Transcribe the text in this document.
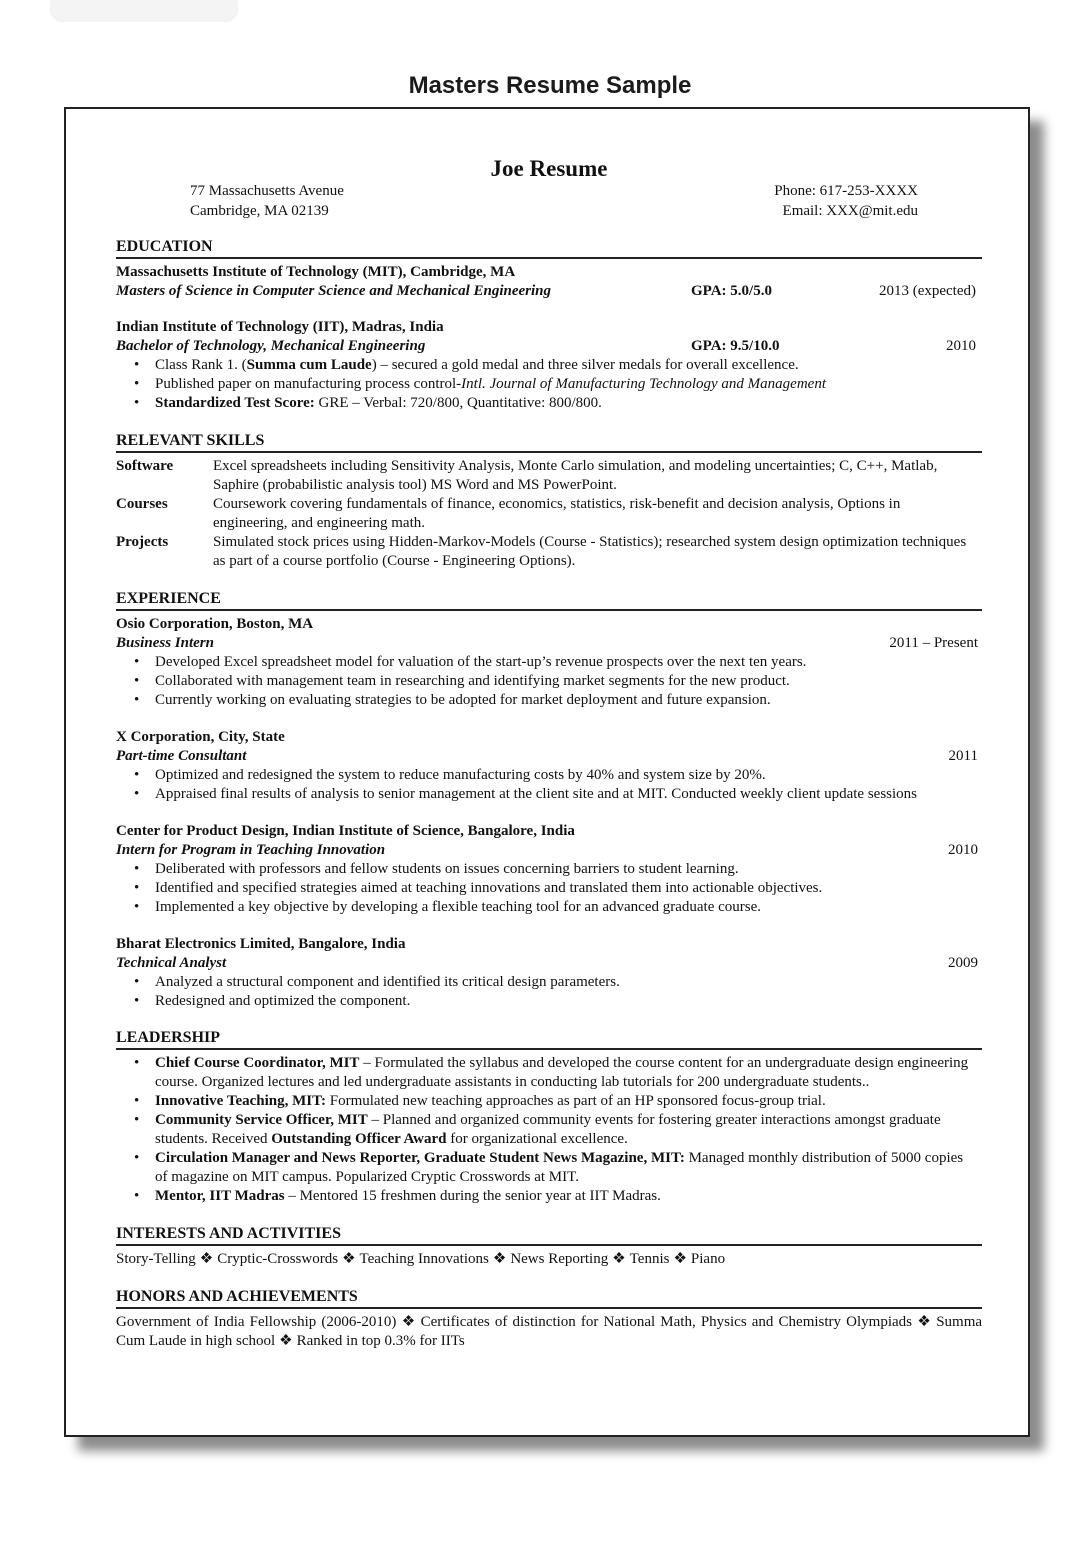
Masters Resume Sample
Joe Resume
77 Massachusetts Avenue
Cambridge, MA 02139
Phone: 617-253-XXXX
Email: XXX@mit.edu
EDUCATION
Massachusetts Institute of Technology (MIT), Cambridge, MA
Masters of Science in Computer Science and Mechanical Engineering	GPA: 5.0/5.0	2013 (expected)
Indian Institute of Technology (IIT), Madras, India
Bachelor of Technology, Mechanical Engineering	GPA: 9.5/10.0	2010
• Class Rank 1. (Summa cum Laude) – secured a gold medal and three silver medals for overall excellence.
• Published paper on manufacturing process control-Intl. Journal of Manufacturing Technology and Management
• Standardized Test Score: GRE – Verbal: 720/800, Quantitative: 800/800.
RELEVANT SKILLS
Software	Excel spreadsheets including Sensitivity Analysis, Monte Carlo simulation, and modeling uncertainties; C, C++, Matlab, Saphire (probabilistic analysis tool) MS Word and MS PowerPoint.
Courses	Coursework covering fundamentals of finance, economics, statistics, risk-benefit and decision analysis, Options in engineering, and engineering math.
Projects	Simulated stock prices using Hidden-Markov-Models (Course - Statistics); researched system design optimization techniques as part of a course portfolio (Course - Engineering Options).
EXPERIENCE
Osio Corporation, Boston, MA
Business Intern	2011 – Present
• Developed Excel spreadsheet model for valuation of the start-up’s revenue prospects over the next ten years.
• Collaborated with management team in researching and identifying market segments for the new product.
• Currently working on evaluating strategies to be adopted for market deployment and future expansion.
X Corporation, City, State
Part-time Consultant	2011
• Optimized and redesigned the system to reduce manufacturing costs by 40% and system size by 20%.
• Appraised final results of analysis to senior management at the client site and at MIT. Conducted weekly client update sessions
Center for Product Design, Indian Institute of Science, Bangalore, India
Intern for Program in Teaching Innovation	2010
• Deliberated with professors and fellow students on issues concerning barriers to student learning.
• Identified and specified strategies aimed at teaching innovations and translated them into actionable objectives.
• Implemented a key objective by developing a flexible teaching tool for an advanced graduate course.
Bharat Electronics Limited, Bangalore, India
Technical Analyst	2009
• Analyzed a structural component and identified its critical design parameters.
• Redesigned and optimized the component.
LEADERSHIP
• Chief Course Coordinator, MIT – Formulated the syllabus and developed the course content for an undergraduate design engineering course. Organized lectures and led undergraduate assistants in conducting lab tutorials for 200 undergraduate students..
• Innovative Teaching, MIT: Formulated new teaching approaches as part of an HP sponsored focus-group trial.
• Community Service Officer, MIT – Planned and organized community events for fostering greater interactions amongst graduate students. Received Outstanding Officer Award for organizational excellence.
• Circulation Manager and News Reporter, Graduate Student News Magazine, MIT: Managed monthly distribution of 5000 copies of magazine on MIT campus. Popularized Cryptic Crosswords at MIT.
• Mentor, IIT Madras – Mentored 15 freshmen during the senior year at IIT Madras.
INTERESTS AND ACTIVITIES
Story-Telling ❖ Cryptic-Crosswords ❖ Teaching Innovations ❖ News Reporting ❖ Tennis ❖ Piano
HONORS AND ACHIEVEMENTS
Government of India Fellowship (2006-2010) ❖ Certificates of distinction for National Math, Physics and Chemistry Olympiads ❖ Summa Cum Laude in high school ❖ Ranked in top 0.3% for IITs
